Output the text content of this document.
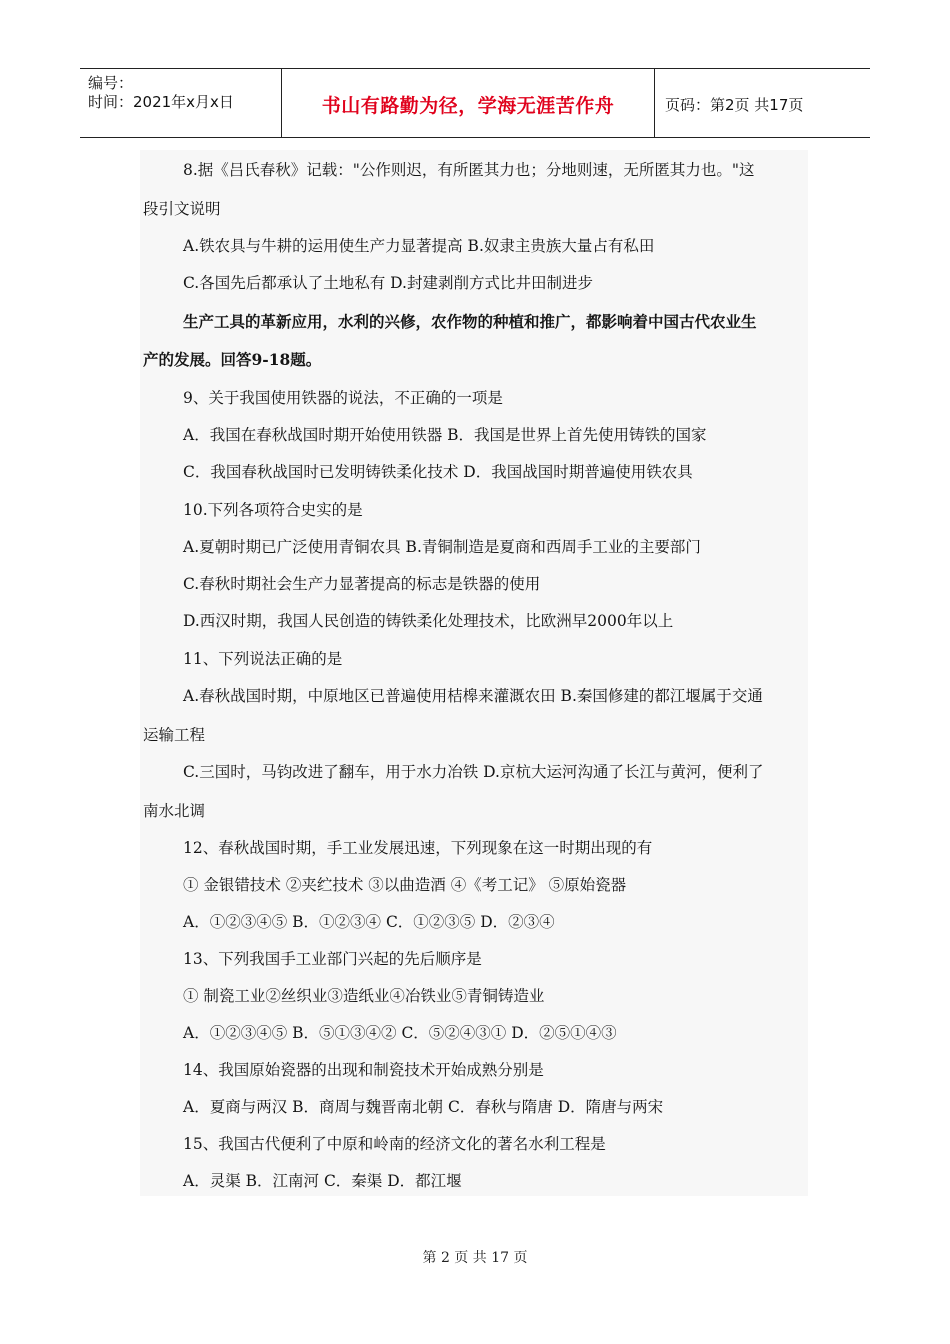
编号：
时间：2021年x月x日	书山有路勤为径，学海无涯苦作舟	页码：第2页 共17页
8.据《吕氏春秋》记载："公作则迟，有所匿其力也；分地则速，无所匿其力也。"这
段引文说明
A.铁农具与牛耕的运用使生产力显著提高 B.奴隶主贵族大量占有私田
C.各国先后都承认了土地私有 D.封建剥削方式比井田制进步
生产工具的革新应用，水利的兴修，农作物的种植和推广，都影响着中国古代农业生
产的发展。回答9-18题。
9、关于我国使用铁器的说法，不正确的一项是
A．我国在春秋战国时期开始使用铁器 B．我国是世界上首先使用铸铁的国家
C．我国春秋战国时已发明铸铁柔化技术 D．我国战国时期普遍使用铁农具
10.下列各项符合史实的是
A.夏朝时期已广泛使用青铜农具 B.青铜制造是夏商和西周手工业的主要部门
C.春秋时期社会生产力显著提高的标志是铁器的使用
D.西汉时期，我国人民创造的铸铁柔化处理技术，比欧洲早2000年以上
11、下列说法正确的是
A.春秋战国时期，中原地区已普遍使用桔槔来灌溉农田 B.秦国修建的都江堰属于交通
运输工程
C.三国时，马钧改进了翻车，用于水力冶铁 D.京杭大运河沟通了长江与黄河，便利了
南水北调
12、春秋战国时期，手工业发展迅速，下列现象在这一时期出现的有
① 金银错技术 ②夹纻技术 ③以曲造酒 ④《考工记》 ⑤原始瓷器
A．①②③④⑤ B．①②③④ C．①②③⑤ D．②③④
13、下列我国手工业部门兴起的先后顺序是
① 制瓷工业②丝织业③造纸业④冶铁业⑤青铜铸造业
A．①②③④⑤ B．⑤①③④② C．⑤②④③① D．②⑤①④③
14、我国原始瓷器的出现和制瓷技术开始成熟分别是
A．夏商与两汉 B．商周与魏晋南北朝 C．春秋与隋唐 D．隋唐与两宋
15、我国古代便利了中原和岭南的经济文化的著名水利工程是
A．灵渠 B．江南河 C．秦渠 D．都江堰
第 2 页 共 17 页
